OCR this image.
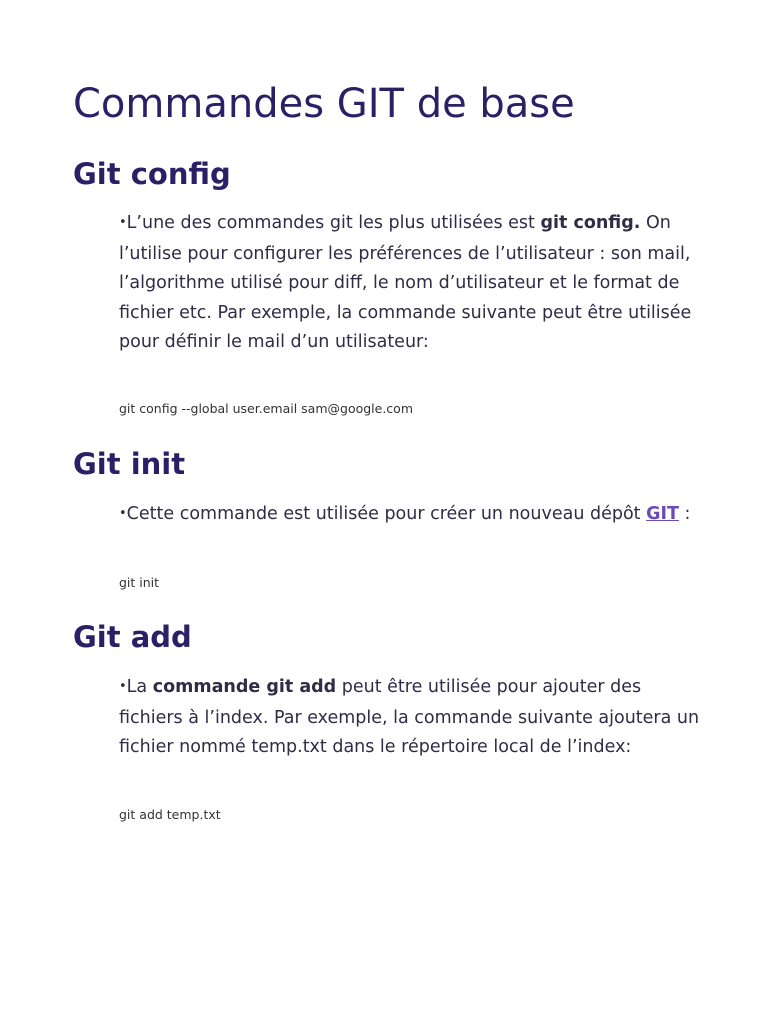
Commandes GIT de base
Git config

•L’une des commandes git les plus utilisées est git config. On l’utilise pour configurer les préférences de l’utilisateur : son mail, l’algorithme utilisé pour diff, le nom d’utilisateur et le format de fichier etc. Par exemple, la commande suivante peut être utilisée pour définir le mail d’un utilisateur:

git config --global user.email sam@google.com

Git init

•Cette commande est utilisée pour créer un nouveau dépôt GIT :

git init

Git add

•La commande git add peut être utilisée pour ajouter des fichiers à l’index. Par exemple, la commande suivante ajoutera un fichier nommé temp.txt dans le répertoire local de l’index:

git add temp.txt
